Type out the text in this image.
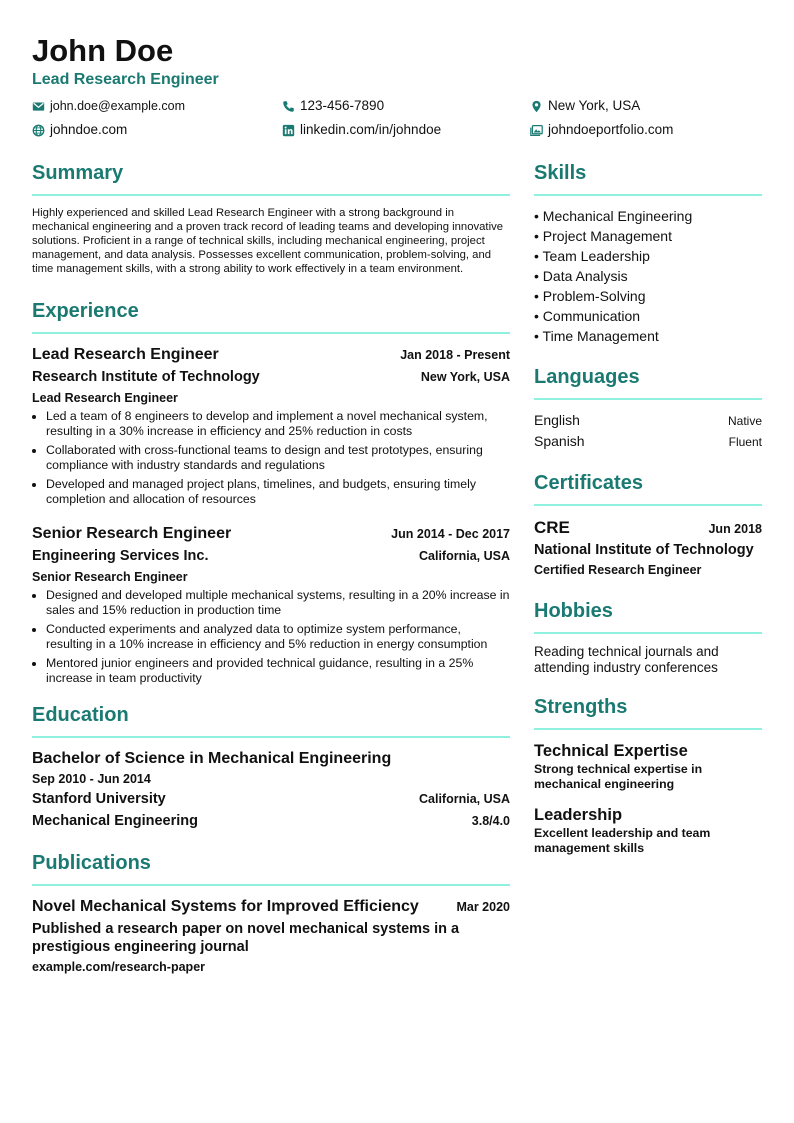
John Doe
Lead Research Engineer
john.doe@example.com	123-456-7890	New York, USA
johndoe.com	linkedin.com/in/johndoe	johndoeportfolio.com
Summary

Highly experienced and skilled Lead Research Engineer with a strong background in mechanical engineering and a proven track record of leading teams and developing innovative solutions. Proficient in a range of technical skills, including mechanical engineering, project management, and data analysis. Possesses excellent communication, problem-solving, and time management skills, with a strong ability to work effectively in a team environment.

Experience
Lead Research Engineer	Jan 2018 - Present
Research Institute of Technology	New York, USA
Lead Research Engineer
• Led a team of 8 engineers to develop and implement a novel mechanical system, resulting in a 30% increase in efficiency and 25% reduction in costs
• Collaborated with cross-functional teams to design and test prototypes, ensuring compliance with industry standards and regulations
• Developed and managed project plans, timelines, and budgets, ensuring timely completion and allocation of resources
Senior Research Engineer	Jun 2014 - Dec 2017
Engineering Services Inc.	California, USA
Senior Research Engineer
• Designed and developed multiple mechanical systems, resulting in a 20% increase in sales and 15% reduction in production time
• Conducted experiments and analyzed data to optimize system performance, resulting in a 10% increase in efficiency and 5% reduction in energy consumption
• Mentored junior engineers and provided technical guidance, resulting in a 25% increase in team productivity
Education
Bachelor of Science in Mechanical Engineering
Sep 2010 - Jun 2014
Stanford University	California, USA
Mechanical Engineering	3.8/4.0
Publications
Novel Mechanical Systems for Improved Efficiency	Mar 2020
Published a research paper on novel mechanical systems in a prestigious engineering journal
example.com/research-paper
Skills
• Mechanical Engineering
• Project Management
• Team Leadership
• Data Analysis
• Problem-Solving
• Communication
• Time Management
Languages
English	Native
Spanish	Fluent
Certificates
CRE	Jun 2018
National Institute of Technology
Certified Research Engineer
Hobbies
Reading technical journals and attending industry conferences
Strengths
Technical Expertise
Strong technical expertise in mechanical engineering
Leadership
Excellent leadership and team management skills
